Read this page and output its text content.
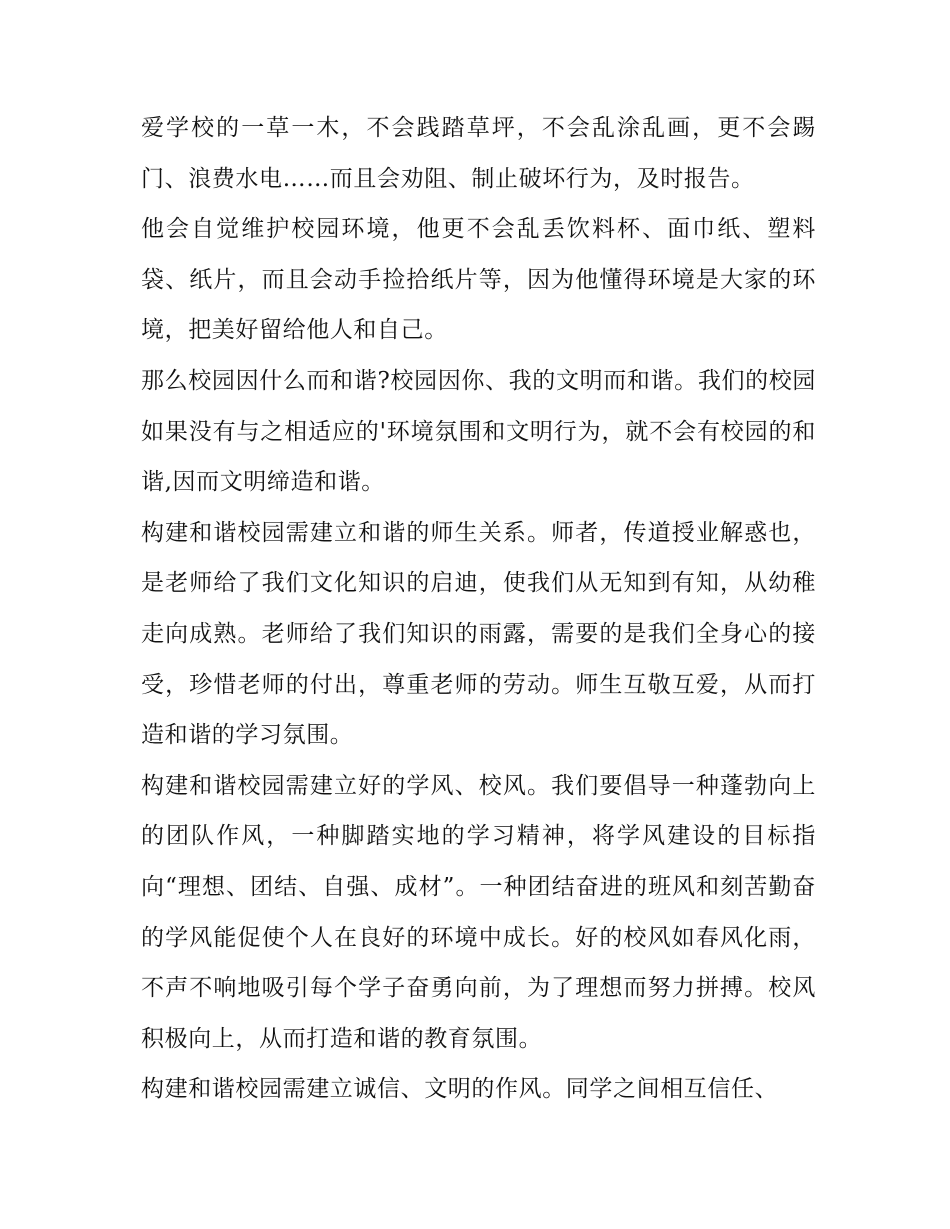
爱学校的一草一木，不会践踏草坪，不会乱涂乱画，更不会踢门、浪费水电……而且会劝阻、制止破坏行为，及时报告。

他会自觉维护校园环境，他更不会乱丢饮料杯、面巾纸、塑料袋、纸片，而且会动手捡拾纸片等，因为他懂得环境是大家的环境，把美好留给他人和自己。

那么校园因什么而和谐?校园因你、我的文明而和谐。我们的校园如果没有与之相适应的'环境氛围和文明行为，就不会有校园的和谐,因而文明缔造和谐。

构建和谐校园需建立和谐的师生关系。师者，传道授业解惑也，是老师给了我们文化知识的启迪，使我们从无知到有知，从幼稚走向成熟。老师给了我们知识的雨露，需要的是我们全身心的接受，珍惜老师的付出，尊重老师的劳动。师生互敬互爱，从而打造和谐的学习氛围。

构建和谐校园需建立好的学风、校风。我们要倡导一种蓬勃向上的团队作风，一种脚踏实地的学习精神，将学风建设的目标指向“理想、团结、自强、成材”。一种团结奋进的班风和刻苦勤奋的学风能促使个人在良好的环境中成长。好的校风如春风化雨，不声不响地吸引每个学子奋勇向前，为了理想而努力拼搏。校风积极向上，从而打造和谐的教育氛围。

构建和谐校园需建立诚信、文明的作风。同学之间相互信任、
